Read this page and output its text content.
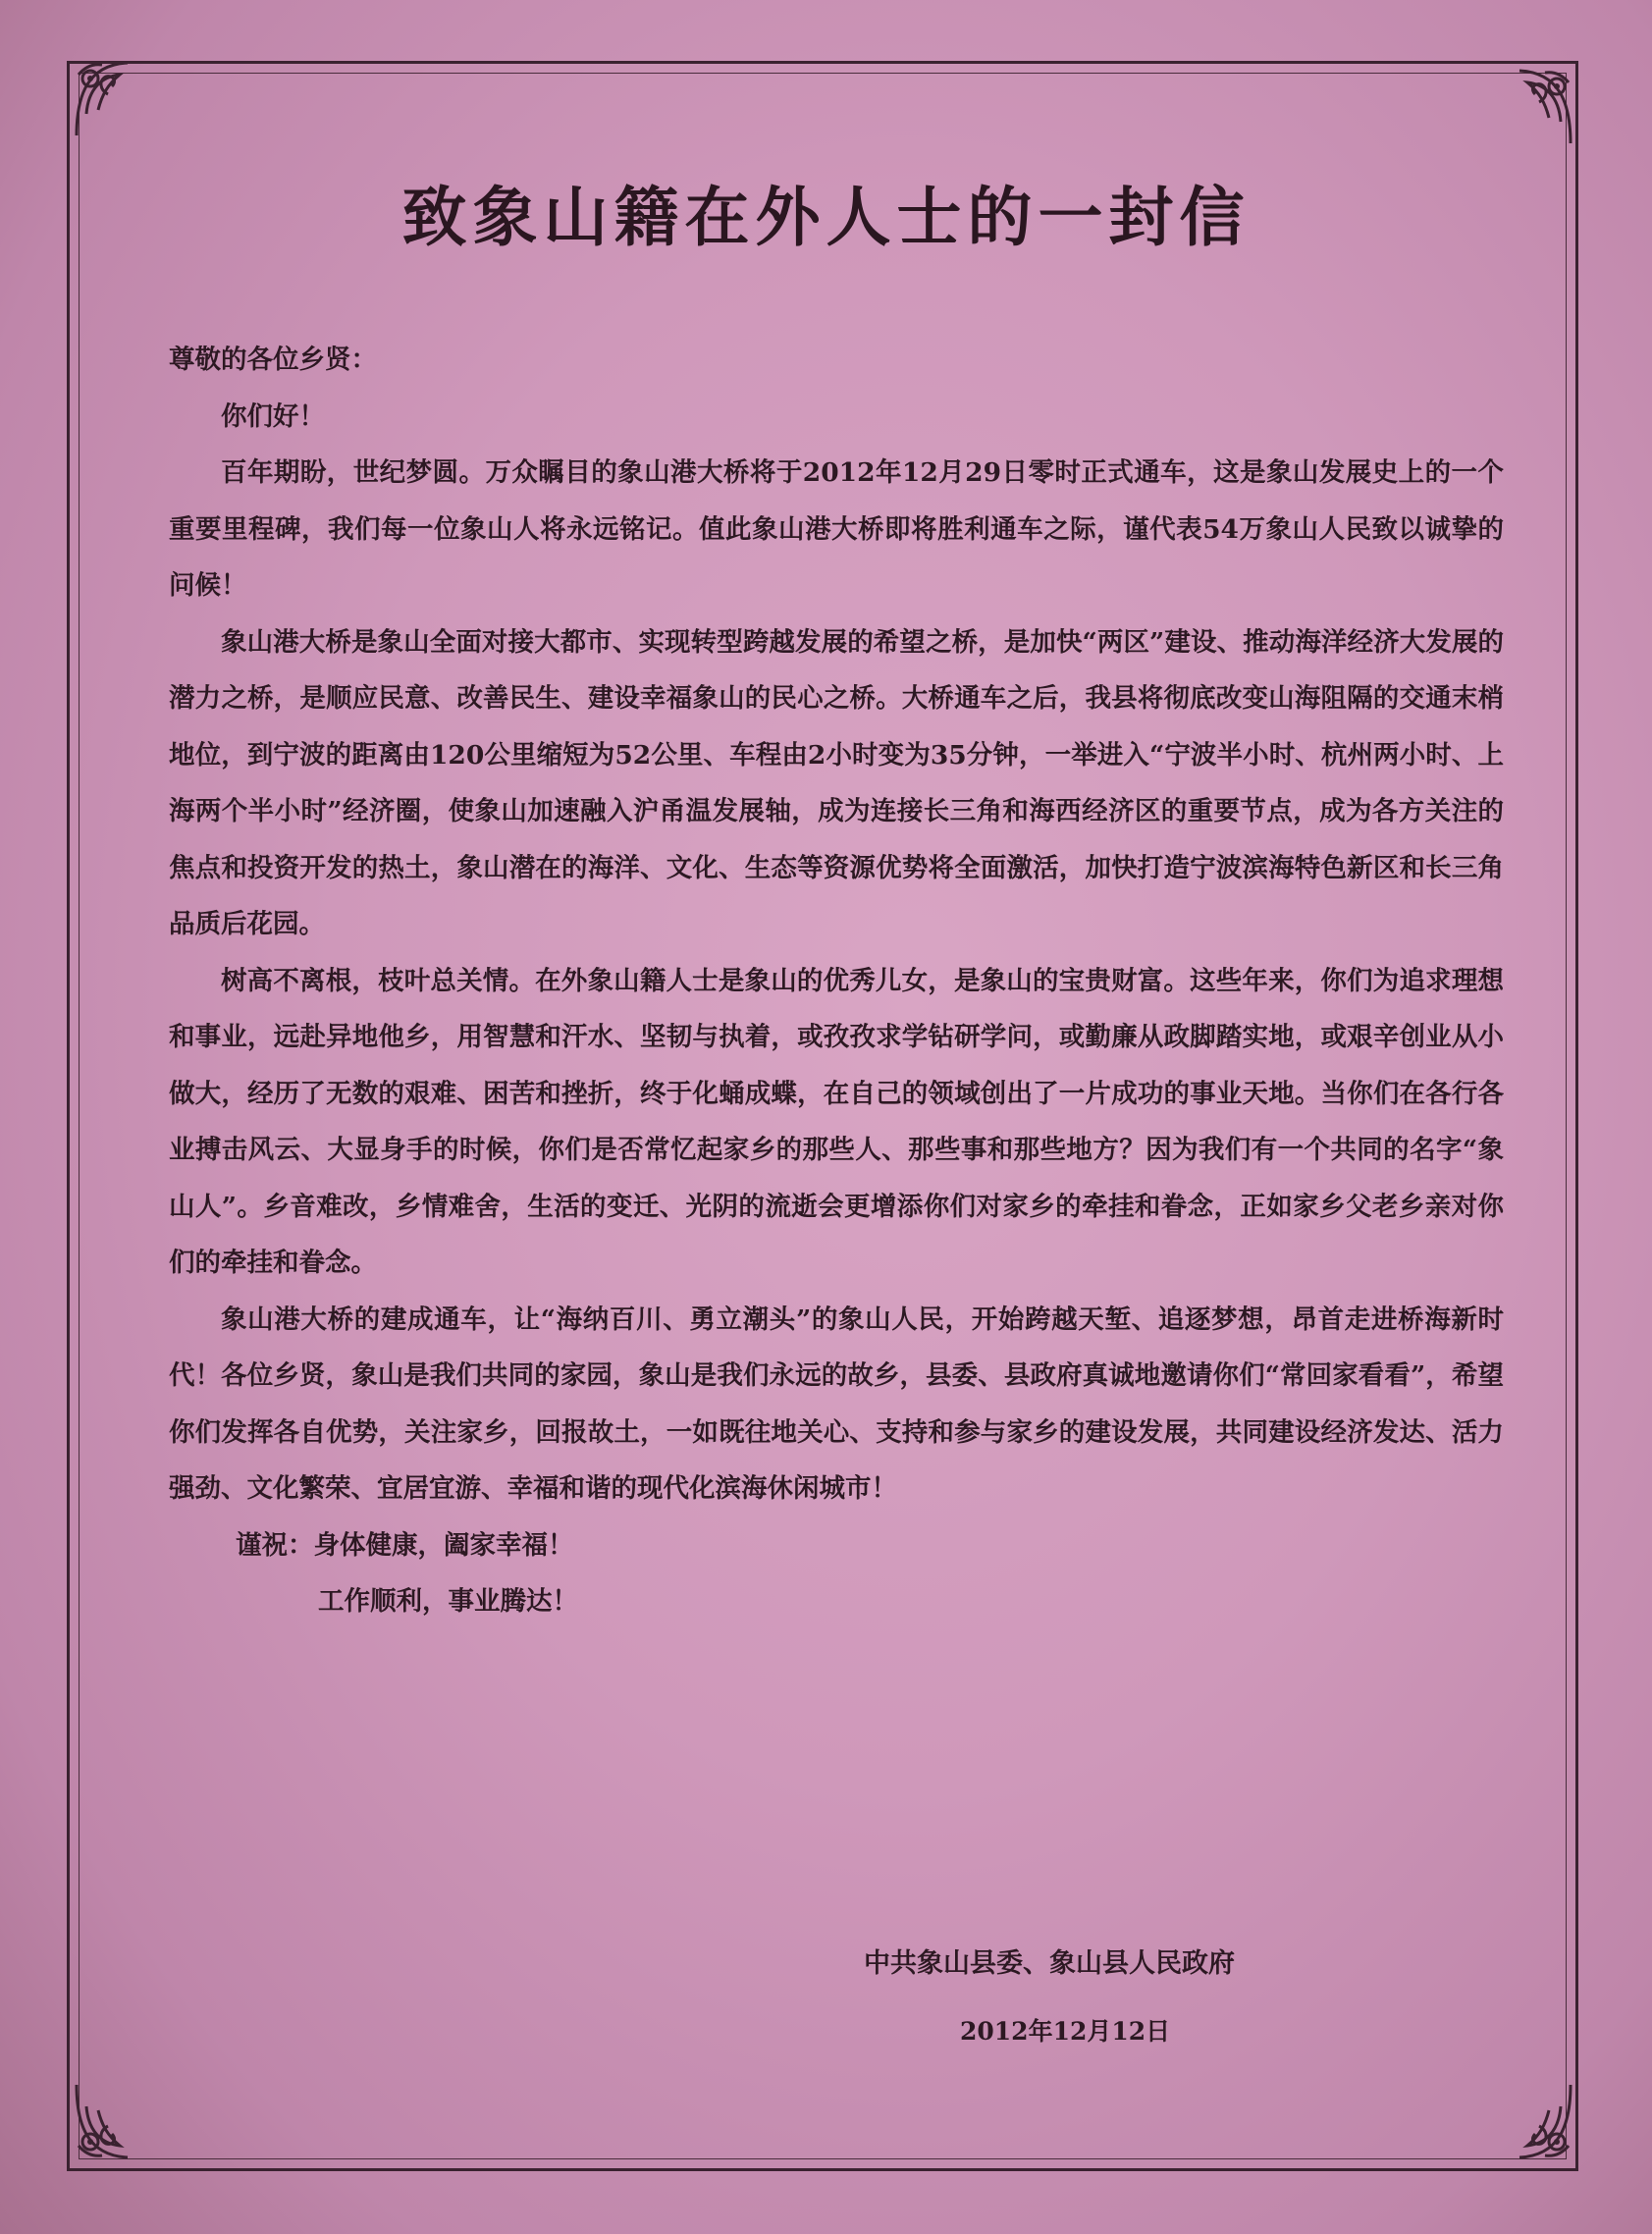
致象山籍在外人士的一封信

尊敬的各位乡贤：

你们好！

百年期盼，世纪梦圆。万众瞩目的象山港大桥将于2012年12月29日零时正式通车，这是象山发展史上的一个重要里程碑，我们每一位象山人将永远铭记。值此象山港大桥即将胜利通车之际，谨代表54万象山人民致以诚挚的问候！

象山港大桥是象山全面对接大都市、实现转型跨越发展的希望之桥，是加快“两区”建设、推动海洋经济大发展的潜力之桥，是顺应民意、改善民生、建设幸福象山的民心之桥。大桥通车之后，我县将彻底改变山海阻隔的交通末梢地位，到宁波的距离由120公里缩短为52公里、车程由2小时变为35分钟，一举进入“宁波半小时、杭州两小时、上海两个半小时”经济圈，使象山加速融入沪甬温发展轴，成为连接长三角和海西经济区的重要节点，成为各方关注的焦点和投资开发的热土，象山潜在的海洋、文化、生态等资源优势将全面激活，加快打造宁波滨海特色新区和长三角品质后花园。

树高不离根，枝叶总关情。在外象山籍人士是象山的优秀儿女，是象山的宝贵财富。这些年来，你们为追求理想和事业，远赴异地他乡，用智慧和汗水、坚韧与执着，或孜孜求学钻研学问，或勤廉从政脚踏实地，或艰辛创业从小做大，经历了无数的艰难、困苦和挫折，终于化蛹成蝶，在自己的领域创出了一片成功的事业天地。当你们在各行各业搏击风云、大显身手的时候，你们是否常忆起家乡的那些人、那些事和那些地方？因为我们有一个共同的名字“象山人”。乡音难改，乡情难舍，生活的变迁、光阴的流逝会更增添你们对家乡的牵挂和眷念，正如家乡父老乡亲对你们的牵挂和眷念。

象山港大桥的建成通车，让“海纳百川、勇立潮头”的象山人民，开始跨越天堑、追逐梦想，昂首走进桥海新时代！各位乡贤，象山是我们共同的家园，象山是我们永远的故乡，县委、县政府真诚地邀请你们“常回家看看”，希望你们发挥各自优势，关注家乡，回报故土，一如既往地关心、支持和参与家乡的建设发展，共同建设经济发达、活力强劲、文化繁荣、宜居宜游、幸福和谐的现代化滨海休闲城市！

谨祝：身体健康，阖家幸福！

工作顺利，事业腾达！

中共象山县委、象山县人民政府
2012年12月12日
